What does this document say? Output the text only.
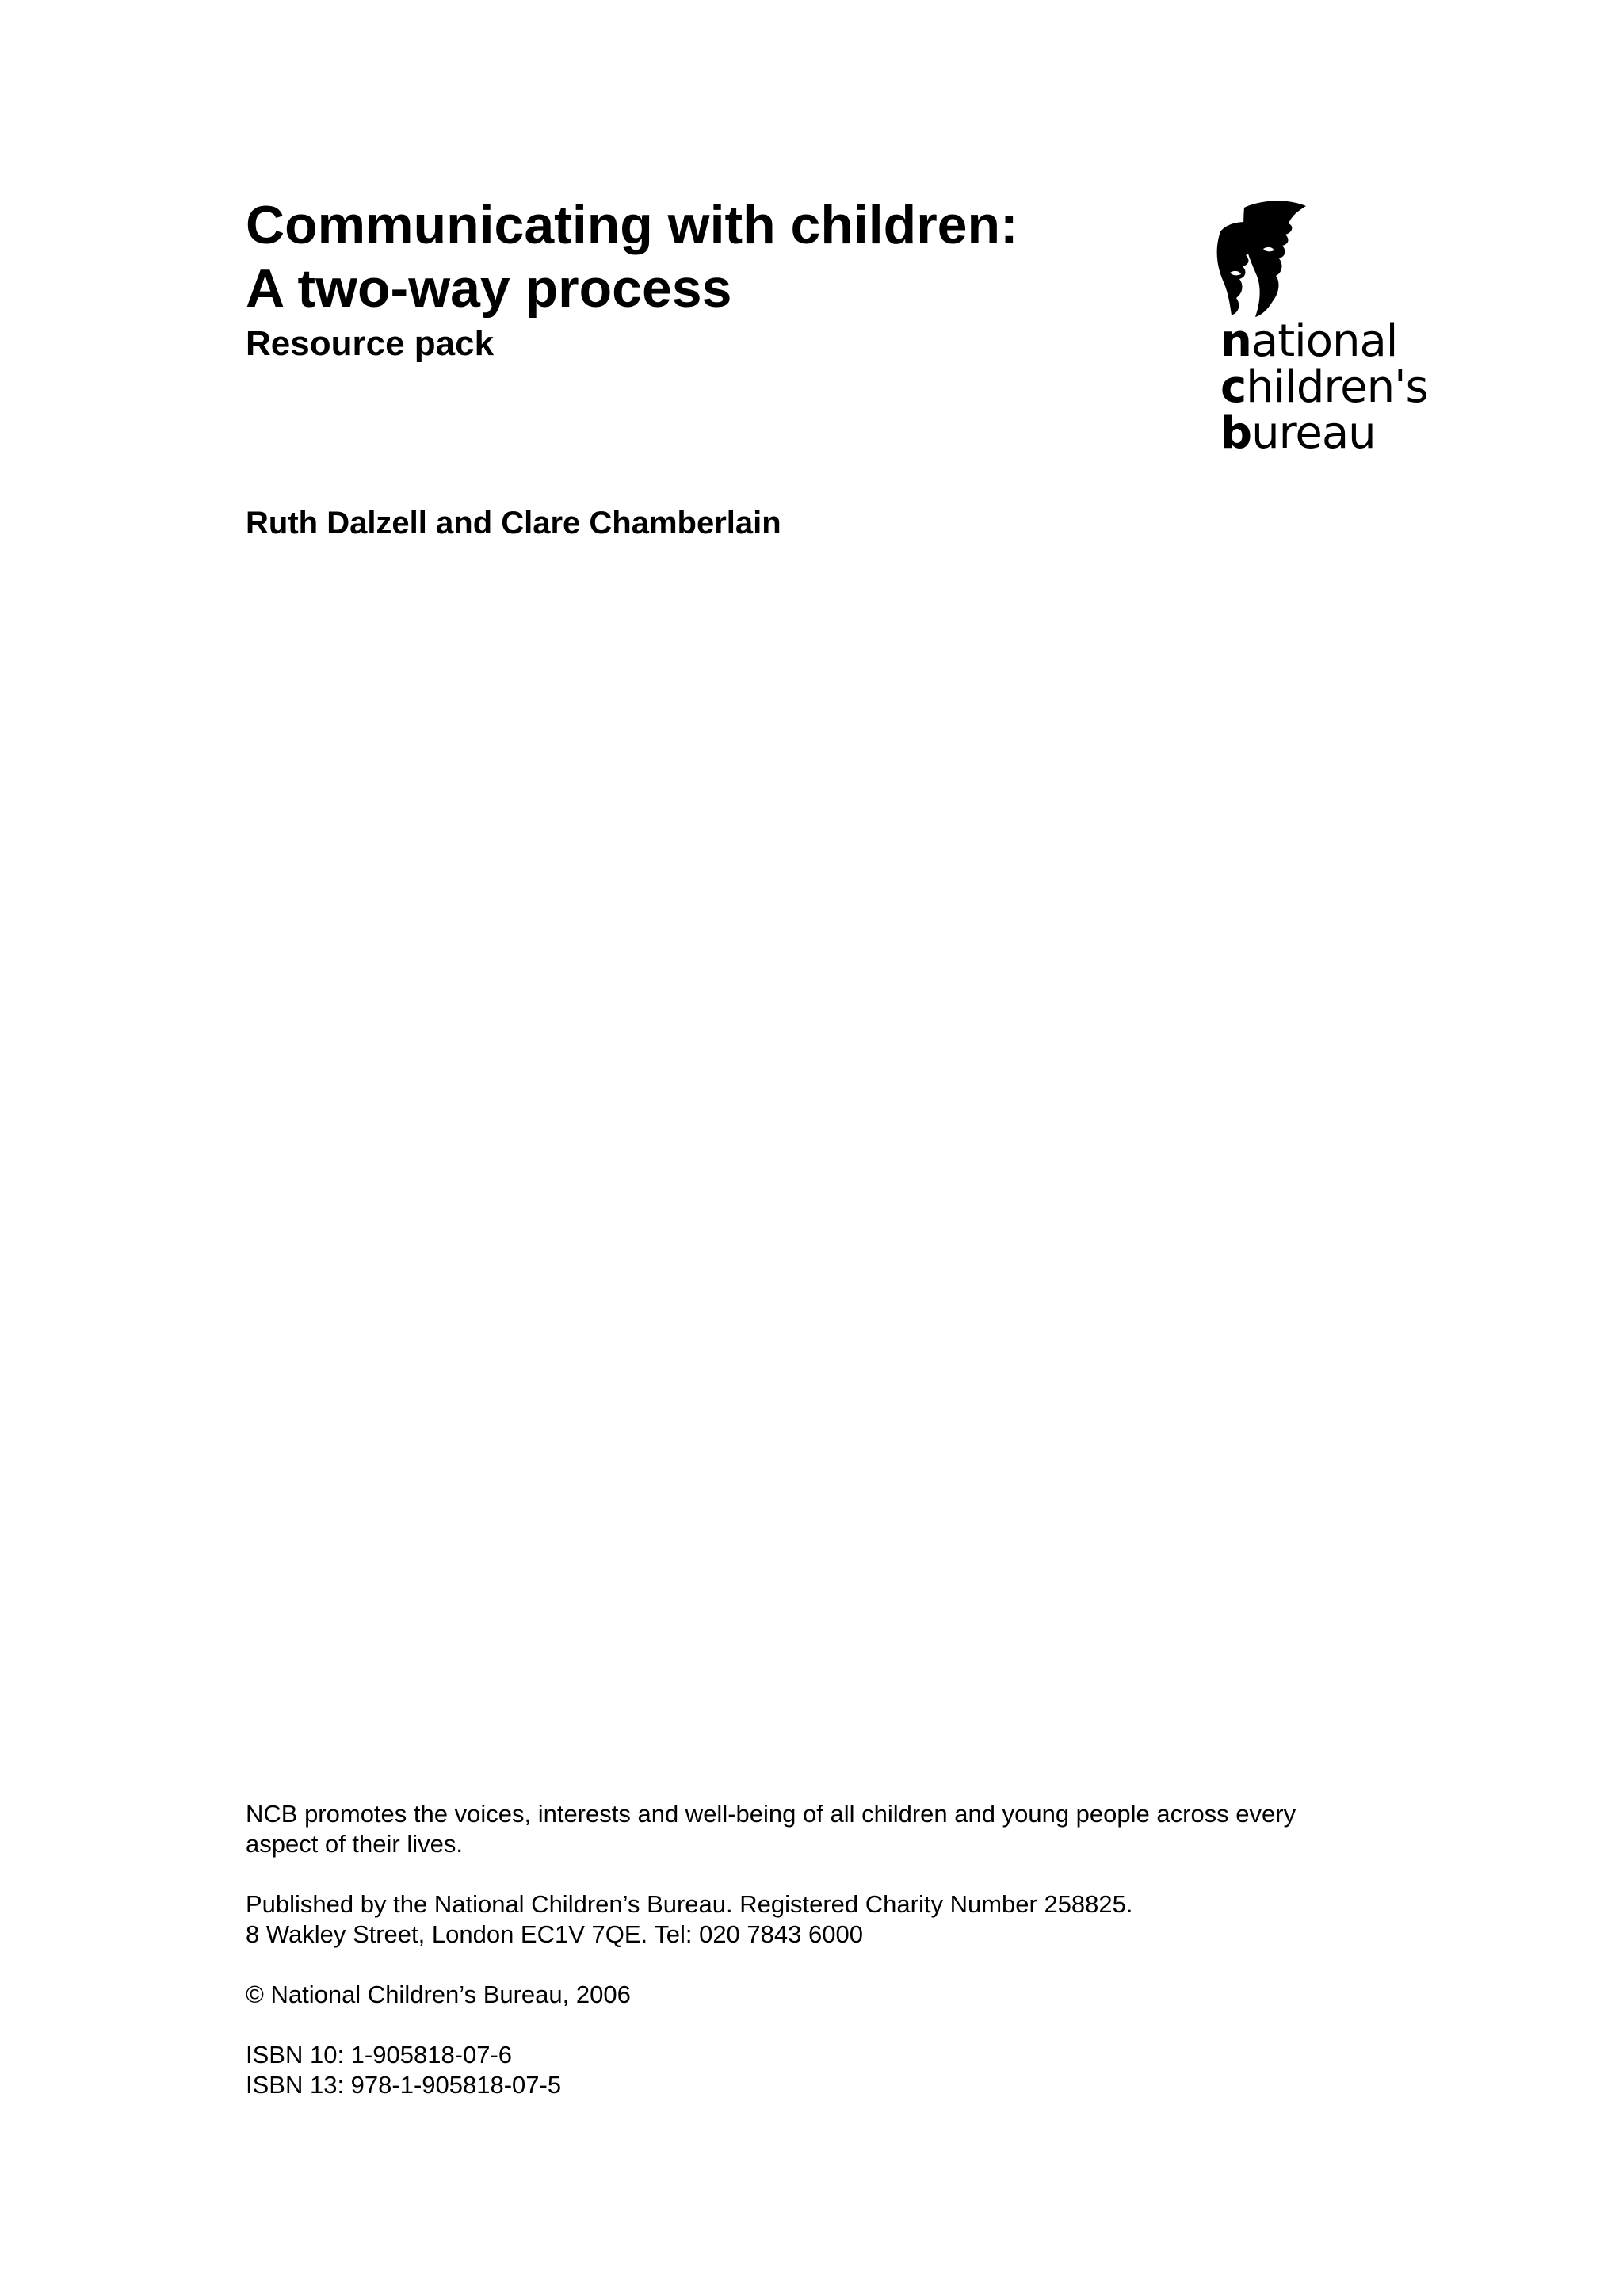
Communicating with children:
A two-way process
Resource pack
Ruth Dalzell and Clare Chamberlain
national
children's
bureau

NCB promotes the voices, interests and well-being of all children and young people across every
aspect of their lives.

Published by the National Children’s Bureau. Registered Charity Number 258825.
8 Wakley Street, London EC1V 7QE. Tel: 020 7843 6000

© National Children’s Bureau, 2006

ISBN 10: 1-905818-07-6
ISBN 13: 978-1-905818-07-5
